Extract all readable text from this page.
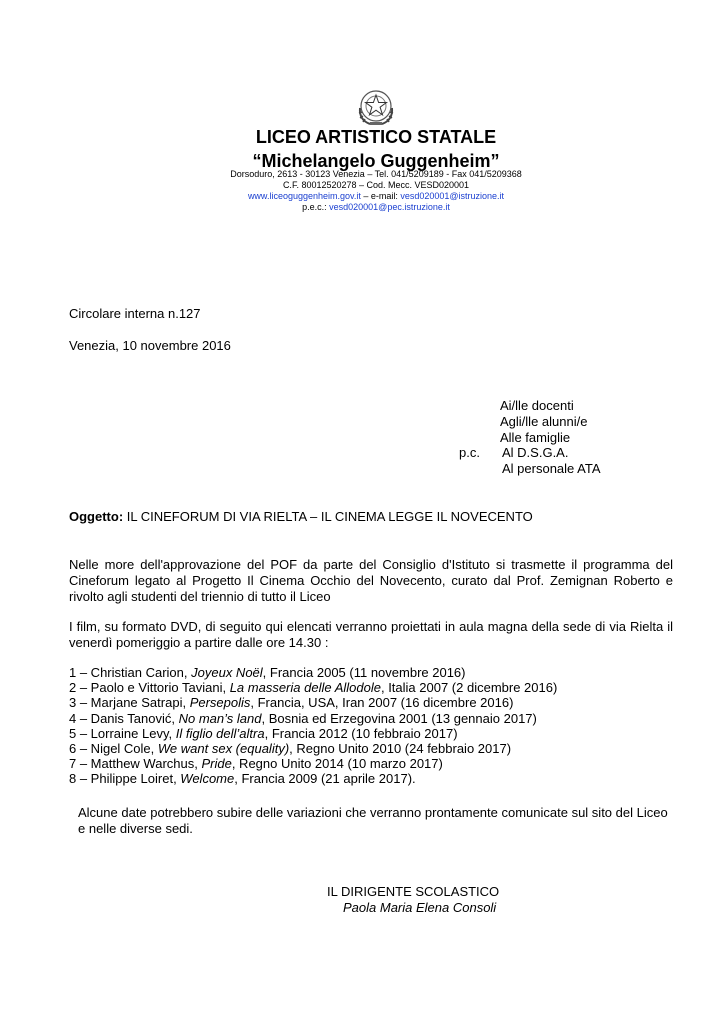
LICEO ARTISTICO STATALE
“Michelangelo Guggenheim”
Dorsoduro, 2613 - 30123 Venezia – Tel. 041/5209189 - Fax 041/5209368
C.F. 80012520278 – Cod. Mecc. VESD020001
www.liceoguggenheim.gov.it – e-mail: vesd020001@istruzione.it
p.e.c.: vesd020001@pec.istruzione.it
Circolare interna n.127
Venezia, 10 novembre 2016
Ai/lle docenti
Agli/lle alunni/e
Alle famiglie
p.c. Al D.S.G.A.
Al personale ATA
Oggetto: IL CINEFORUM DI VIA RIELTA – IL CINEMA LEGGE IL NOVECENTO
Nelle more dell'approvazione del POF da parte del Consiglio d'Istituto si trasmette il programma del Cineforum legato al Progetto Il Cinema Occhio del Novecento, curato dal Prof. Zemignan Roberto e rivolto agli studenti del triennio di tutto il Liceo
I film, su formato DVD, di seguito qui elencati verranno proiettati in aula magna della sede di via Rielta il venerdì pomeriggio a partire dalle ore 14.30 :
1 – Christian Carion, Joyeux Noël, Francia 2005 (11 novembre 2016)
2 – Paolo e Vittorio Taviani, La masseria delle Allodole, Italia 2007 (2 dicembre 2016)
3 – Marjane Satrapi, Persepolis, Francia, USA, Iran 2007 (16 dicembre 2016)
4 – Danis Tanović, No man’s land, Bosnia ed Erzegovina 2001 (13 gennaio 2017)
5 – Lorraine Levy, Il figlio dell’altra, Francia 2012 (10 febbraio 2017)
6 – Nigel Cole, We want sex (equality), Regno Unito 2010 (24 febbraio 2017)
7 – Matthew Warchus, Pride, Regno Unito 2014 (10 marzo 2017)
8 – Philippe Loiret, Welcome, Francia 2009 (21 aprile 2017).
Alcune date potrebbero subire delle variazioni che verranno prontamente comunicate sul sito del Liceo e nelle diverse sedi.
IL DIRIGENTE SCOLASTICO
Paola Maria Elena Consoli
